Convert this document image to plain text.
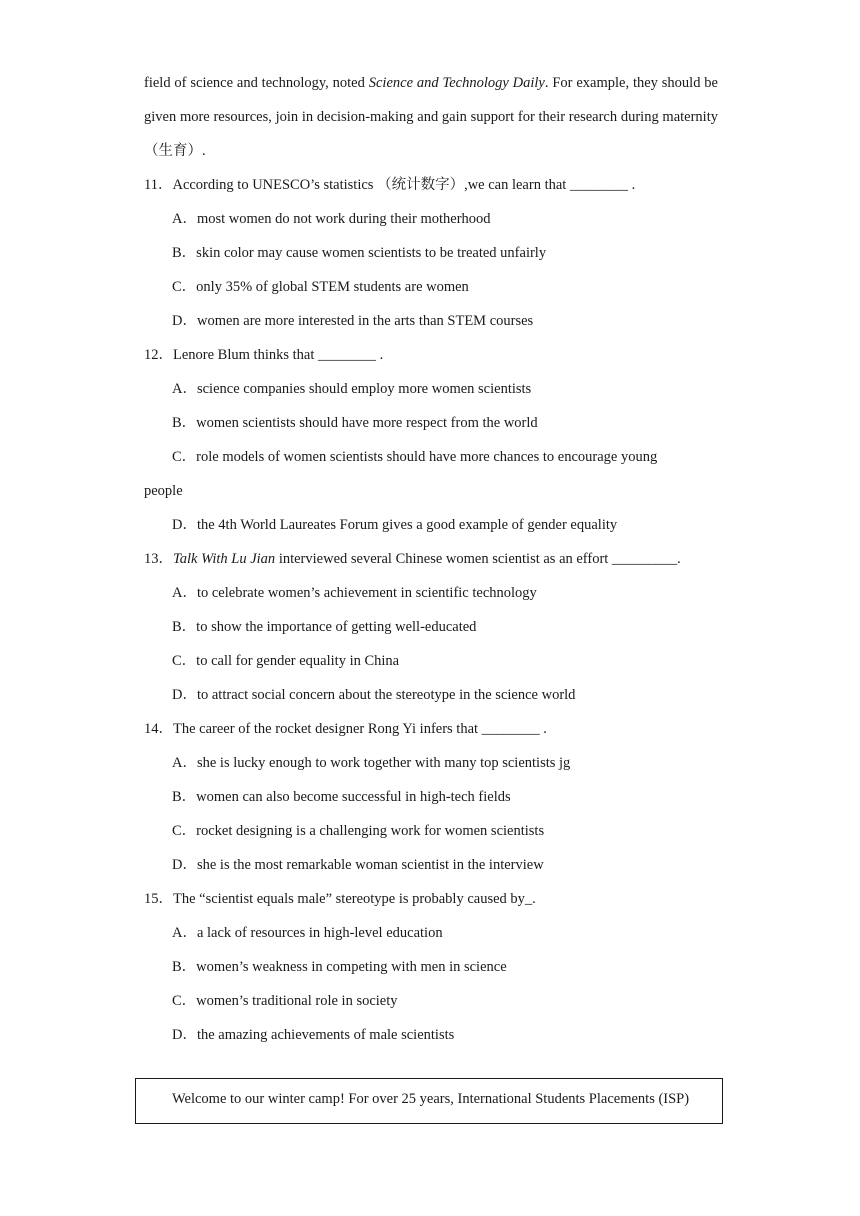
field of science and technology, noted Science and Technology Daily. For example, they should be given more resources, join in decision-making and gain support for their research during maternity（生育）.
11．According to UNESCO’s statistics （统计数字）,we can learn that ________ .
A．most women do not work during their motherhood
B．skin color may cause women scientists to be treated unfairly
C．only 35% of global STEM students are women
D．women are more interested in the arts than STEM courses
12．Lenore Blum thinks that ________ .
A．science companies should employ more women scientists
B．women scientists should have more respect from the world
C．role models of women scientists should have more chances to encourage young
people
D．the 4th World Laureates Forum gives a good example of gender equality
13．Talk With Lu Jian interviewed several Chinese women scientist as an effort _________.
A．to celebrate women’s achievement in scientific technology
B．to show the importance of getting well-educated
C．to call for gender equality in China
D．to attract social concern about the stereotype in the science world
14．The career of the rocket designer Rong Yi infers that ________ .
A．she is lucky enough to work together with many top scientists jg
B．women can also become successful in high-tech fields
C．rocket designing is a challenging work for women scientists
D．she is the most remarkable woman scientist in the interview
15．The “scientist equals male” stereotype is probably caused by_.
A．a lack of resources in high-level education
B．women’s weakness in competing with men in science
C．women’s traditional role in society
D．the amazing achievements of male scientists
Welcome to our winter camp! For over 25 years, International Students Placements (ISP)
